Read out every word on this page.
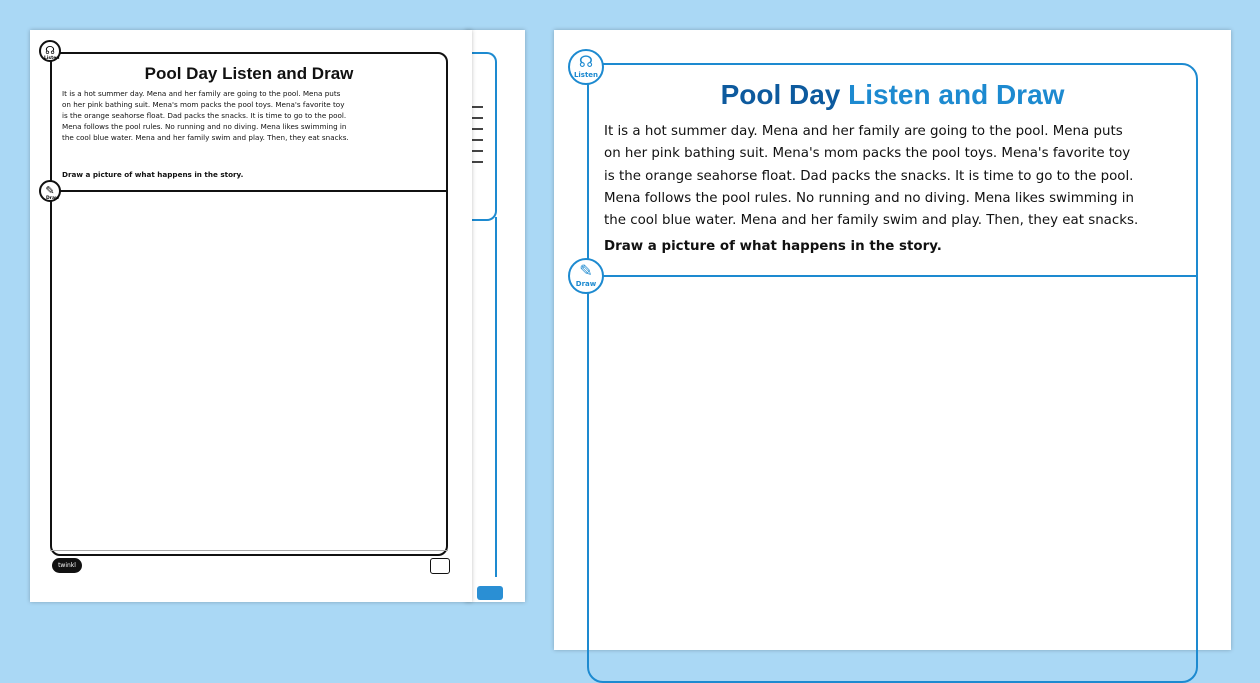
Pool Day Listen and Draw
It is a hot summer day. Mena and her family are going to the pool. Mena puts
on her pink bathing suit. Mena's mom packs the pool toys. Mena's favorite toy
is the orange seahorse float. Dad packs the snacks. It is time to go to the pool.
Mena follows the pool rules. No running and no diving. Mena likes swimming in
the cool blue water. Mena and her family swim and play. Then, they eat snacks.
Draw a picture of what happens in the story.
☊
Listen
✎
Draw
twinkl
Pool Day Listen and Draw
It is a hot summer day. Mena and her family are going to the pool. Mena puts
on her pink bathing suit. Mena's mom packs the pool toys. Mena's favorite toy
is the orange seahorse float. Dad packs the snacks. It is time to go to the pool.
Mena follows the pool rules. No running and no diving. Mena likes swimming in
the cool blue water. Mena and her family swim and play. Then, they eat snacks.
Draw a picture of what happens in the story.
☊
Listen
✎
Draw
